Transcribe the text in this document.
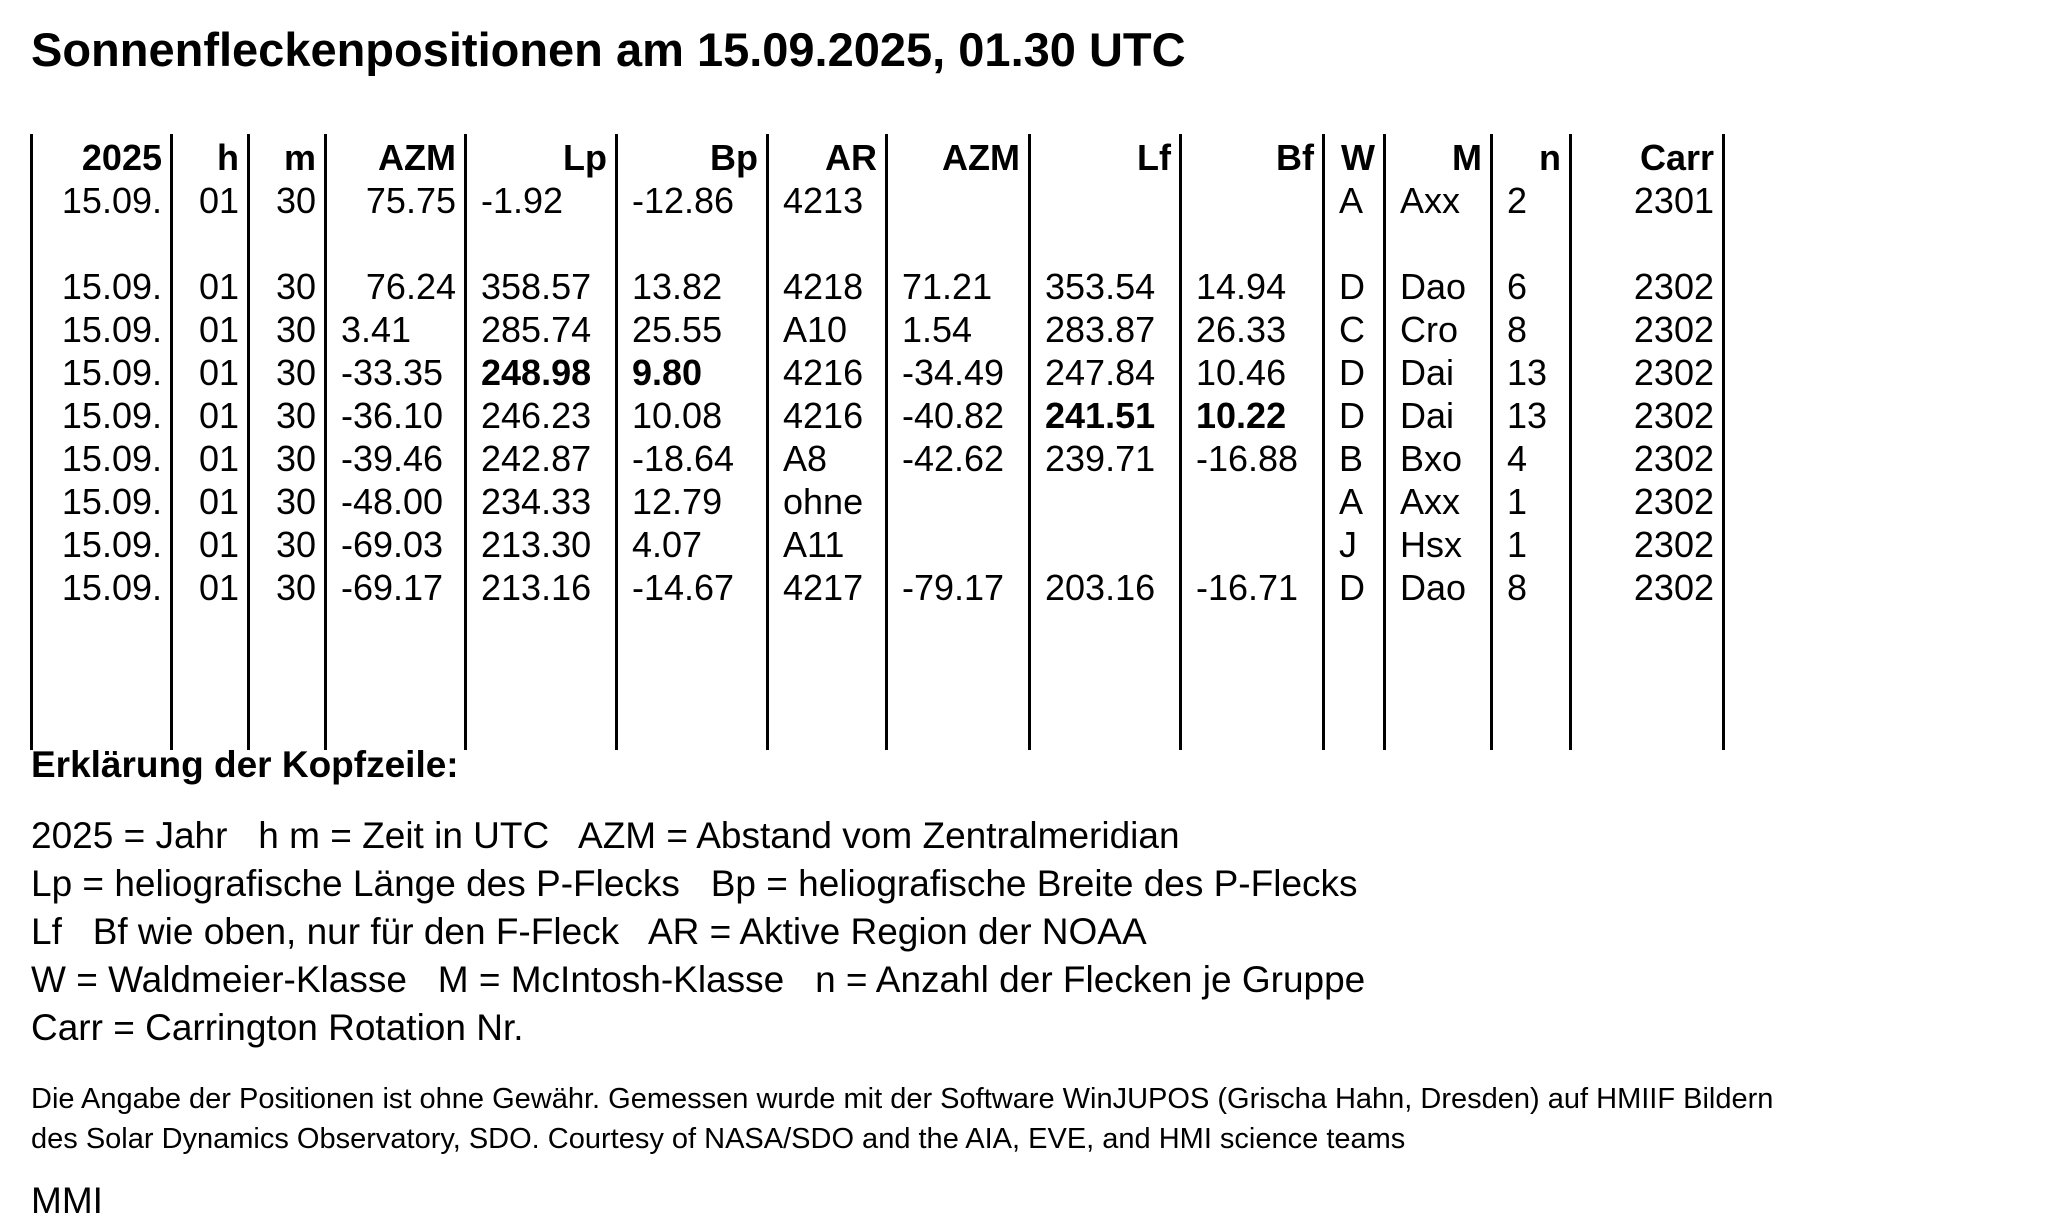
Sonnenfleckenpositionen am 15.09.2025, 01.30 UTC
2025	h	m	AZM	Lp	Bp	AR	AZM	Lf	Bf	W	M	n	Carr
15.09.	01	30	75.75	-1.92	-12.86	4213				A	Axx	2	2301

15.09.	01	30	76.24	358.57	13.82	4218	71.21	353.54	14.94	D	Dao	6	2302
15.09.	01	30	3.41	285.74	25.55	A10	1.54	283.87	26.33	C	Cro	8	2302
15.09.	01	30	-33.35	248.98	9.80	4216	-34.49	247.84	10.46	D	Dai	13	2302
15.09.	01	30	-36.10	246.23	10.08	4216	-40.82	241.51	10.22	D	Dai	13	2302
15.09.	01	30	-39.46	242.87	-18.64	A8	-42.62	239.71	-16.88	B	Bxo	4	2302
15.09.	01	30	-48.00	234.33	12.79	ohne				A	Axx	1	2302
15.09.	01	30	-69.03	213.30	4.07	A11				J	Hsx	1	2302
15.09.	01	30	-69.17	213.16	-14.67	4217	-79.17	203.16	-16.71	D	Dao	8	2302

Erklärung der Kopfzeile:
2025 = Jahr   h m = Zeit in UTC   AZM = Abstand vom Zentralmeridian
Lp = heliografische Länge des P-Flecks   Bp = heliografische Breite des P-Flecks
Lf   Bf wie oben, nur für den F-Fleck   AR = Aktive Region der NOAA
W = Waldmeier-Klasse   M = McIntosh-Klasse   n = Anzahl der Flecken je Gruppe
Carr = Carrington Rotation Nr.
Die Angabe der Positionen ist ohne Gewähr. Gemessen wurde mit der Software WinJUPOS (Grischa Hahn, Dresden) auf HMIIF Bildern
des Solar Dynamics Observatory, SDO. Courtesy of NASA/SDO and the AIA, EVE, and HMI science teams
MMI
